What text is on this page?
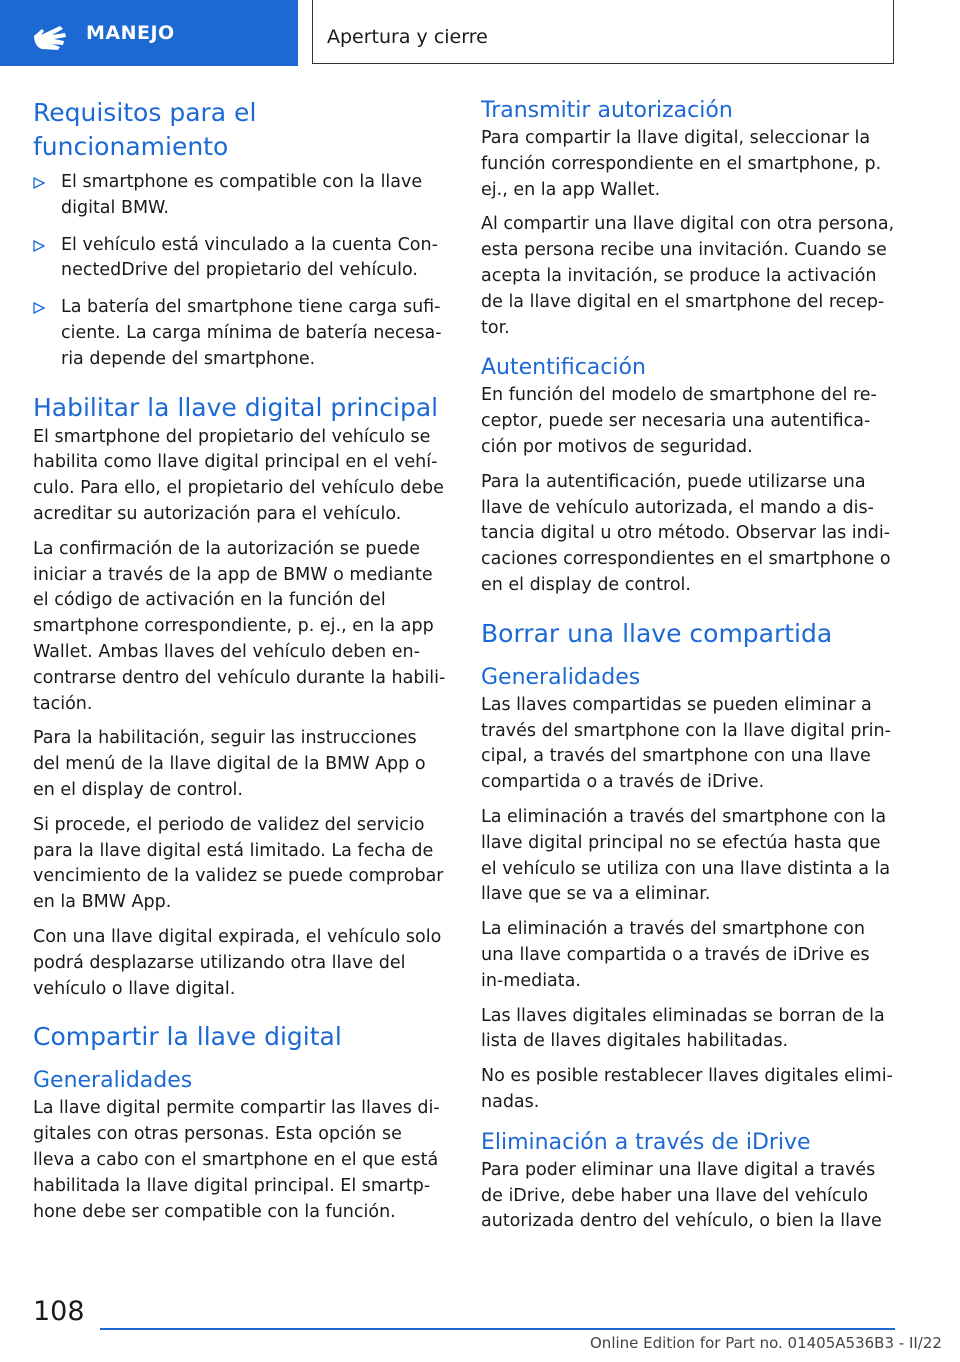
MANEJO	Apertura y cierre
Requisitos para el funcionamiento
El smartphone es compatible con la llave digital BMW.
El vehículo está vinculado a la cuenta Con-nectedDrive del propietario del vehículo.
La batería del smartphone tiene carga sufi-ciente. La carga mínima de batería necesa-ria depende del smartphone.
Habilitar la llave digital principal

El smartphone del propietario del vehículo se habilita como llave digital principal en el vehí-culo. Para ello, el propietario del vehículo debe acreditar su autorización para el vehículo.

La confirmación de la autorización se puede iniciar a través de la app de BMW o mediante el código de activación en la función del smartphone correspondiente, p. ej., en la app Wallet. Ambas llaves del vehículo deben en-contrarse dentro del vehículo durante la habili-tación.

Para la habilitación, seguir las instrucciones del menú de la llave digital de la BMW App o en el display de control.

Si procede, el periodo de validez del servicio para la llave digital está limitado. La fecha de vencimiento de la validez se puede comprobar en la BMW App.

Con una llave digital expirada, el vehículo solo podrá desplazarse utilizando otra llave del vehículo o llave digital.

Compartir la llave digital
Generalidades

La llave digital permite compartir las llaves di-gitales con otras personas. Esta opción se lleva a cabo con el smartphone en el que está habilitada la llave digital principal. El smartp-hone debe ser compatible con la función.

Transmitir autorización

Para compartir la llave digital, seleccionar la función correspondiente en el smartphone, p. ej., en la app Wallet.

Al compartir una llave digital con otra persona, esta persona recibe una invitación. Cuando se acepta la invitación, se produce la activación de la llave digital en el smartphone del recep-tor.

Autentificación

En función del modelo de smartphone del re-ceptor, puede ser necesaria una autentifica-ción por motivos de seguridad.

Para la autentificación, puede utilizarse una llave de vehículo autorizada, el mando a dis-tancia digital u otro método. Observar las indi-caciones correspondientes en el smartphone o en el display de control.

Borrar una llave compartida
Generalidades

Las llaves compartidas se pueden eliminar a través del smartphone con la llave digital prin-cipal, a través del smartphone con una llave compartida o a través de iDrive.

La eliminación a través del smartphone con la llave digital principal no se efectúa hasta que el vehículo se utiliza con una llave distinta a la llave que se va a eliminar.

La eliminación a través del smartphone con una llave compartida o a través de iDrive es in-mediata.

Las llaves digitales eliminadas se borran de la lista de llaves digitales habilitadas.

No es posible restablecer llaves digitales elimi-nadas.

Eliminación a través de iDrive

Para poder eliminar una llave digital a través de iDrive, debe haber una llave del vehículo autorizada dentro del vehículo, o bien la llave

108
Online Edition for Part no. 01405A536B3 - II/22
